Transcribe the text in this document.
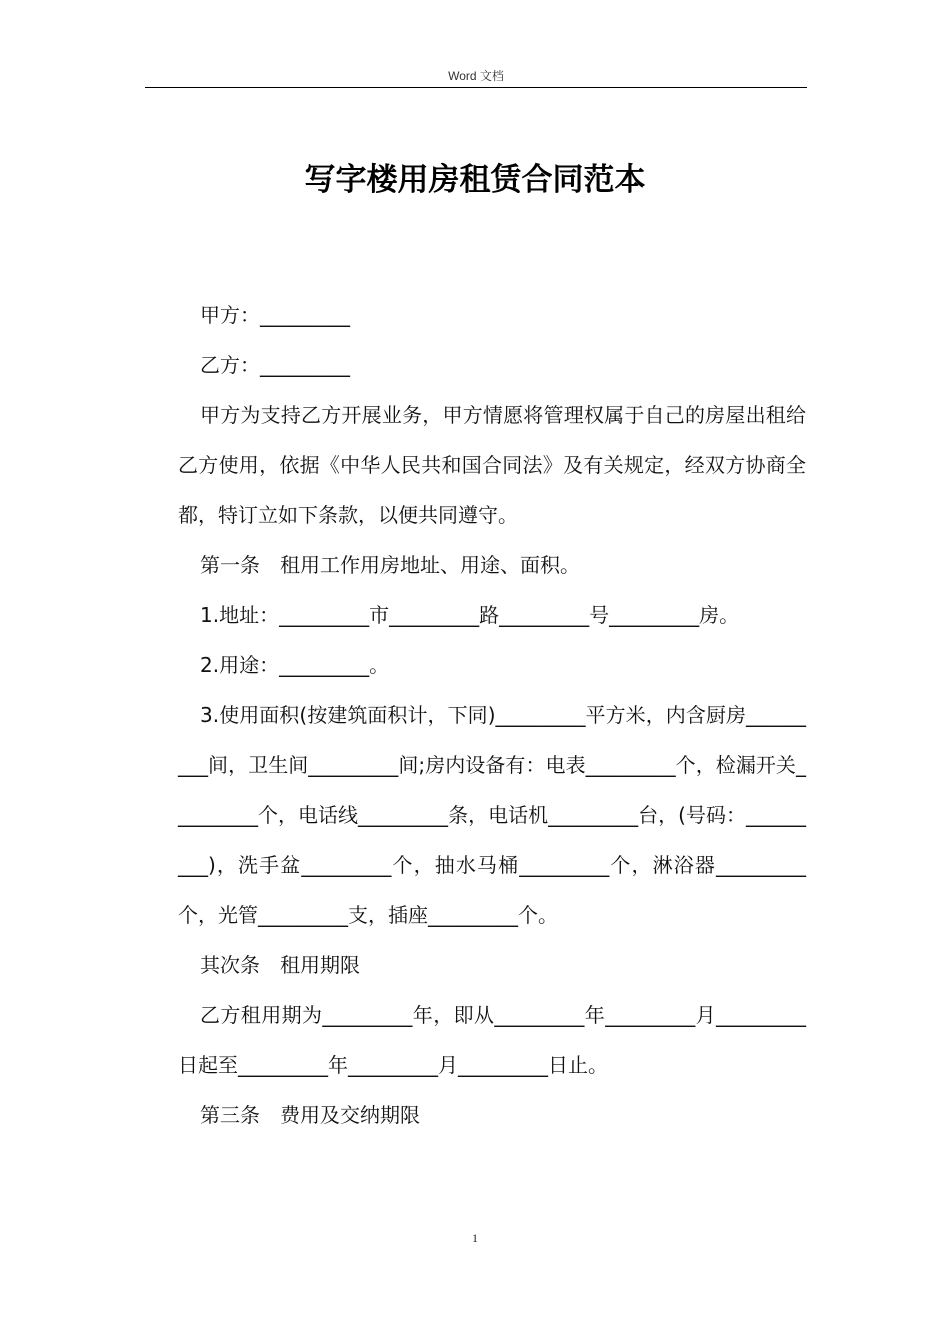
Word 文档
写字楼用房租赁合同范本

甲方：_________

乙方：_________

甲方为支持乙方开展业务，甲方情愿将管理权属于自己的房屋出租给乙方使用，依据《中华人民共和国合同法》及有关规定，经双方协商全都，特订立如下条款，以便共同遵守。

第一条　租用工作用房地址、用途、面积。

1.地址：_________市_________路_________号_________房。

2.用途：_________。

3.使用面积(按建筑面积计，下同)_________平方米，内含厨房_________间，卫生间_________间;房内设备有：电表_________个，检漏开关_________个，电话线_________条，电话机_________台，(号码：_________)，洗手盆_________个，抽水马桶_________个，淋浴器_________个，光管_________支，插座_________个。

其次条　租用期限

乙方租用期为_________年，即从_________年_________月_________日起至_________年_________月_________日止。

第三条　费用及交纳期限

1
